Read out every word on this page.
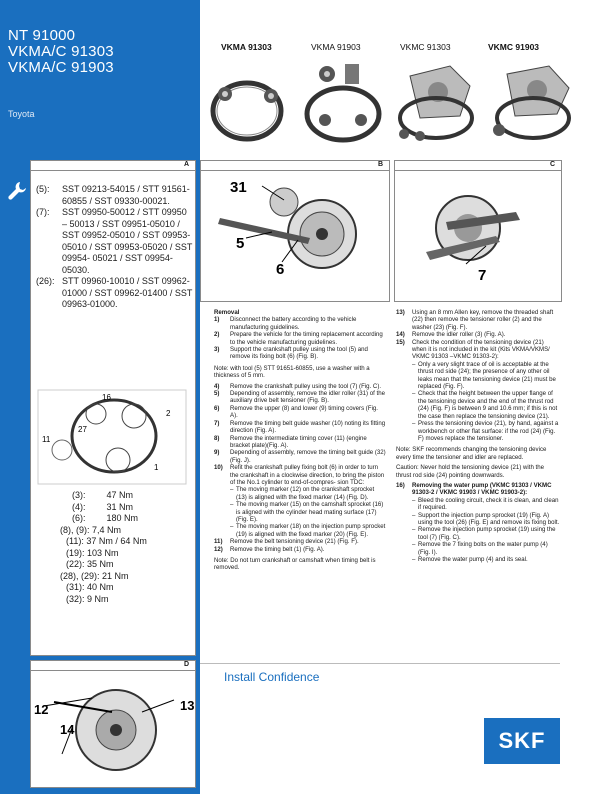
NT 91000
VKMA/C 91303
VKMA/C 91903
Toyota
VKMA 91303	VKMA 91903	VKMC 91303	VKMC 91903
A
(5):	SST 09213-54015 / STT 91561-60855 / SST 09330-00021.
(7):	SST 09950-50012 / STT 09950
– 50013 / SST 09951-05010 / SST 09952-05010 / SST 09953-05010 / SST 09953-05020 / SST 09954- 05021 / SST 09954-05030.
(26): STT 09960-10010 / SST 09962-01000 / SST 09962-01400 / SST 09963-01000.
16
2
11
27
1
(3):
	47 Nm
(4):
	31 Nm
(6):
	180 Nm
(8), (9):
7,4 Nm
(11):
37 Nm / 64 Nm
(19):
103 Nm
(22):
35 Nm
(28), (29):
21 Nm
(31):
40 Nm
(32):
9 Nm
B
31
5
6
C
7
D
12
14
13
Removal
1)	Disconnect the battery according to the vehicle manufacturing guidelines.
2)	Prepare the vehicle for the timing replacement according to the vehicle manufacturing guidelines.
3)	Support the crankshaft pulley using the tool (5) and remove its fixing bolt (6) (Fig. B).

Note: with tool (5) STT 91651-60855, use a washer with a thickness of 5 mm.

4)	Remove the crankshaft pulley using the tool (7) (Fig. C).
5)	Depending of assembly, remove the idler roller (31) of the auxiliary drive belt tensioner (Fig. B).
6)	Remove the upper (8) and lower (9) timing covers (Fig. A).
7)	Remove the timing belt guide washer (10) noting its fitting direction (Fig. A).
8)	Remove the intermediate timing cover (11) (engine bracket plate)(Fig. A).
9)	Depending of assembly, remove the timing belt guide (32) (Fig. J).
10)	Refit the crankshaft pulley fixing bolt (6) in order to turn the crankshaft in a clockwise direction, to bring the piston of the No.1 cylinder to end-of-compres- sion TDC:
– The moving marker (12) on the crankshaft sprocket (13) is aligned with the fixed marker (14) (Fig. D).
– The moving marker (15) on the camshaft sprocket (16) is aligned with the cylinder head mating surface (17) (Fig. E).
– The moving marker (18) on the injection pump sprocket (19) is aligned with the fixed marker (20) (Fig. E).
11)	Remove the belt tensioning device (21) (Fig. F).
12)	Remove the timing belt (1) (Fig. A).

Note: Do not turn crankshaft or camshaft when timing belt is removed.

13)	Using an 8 mm Allen key, remove the threaded shaft (22) then remove the tensioner roller (2) and the washer (23) (Fig. F).
14)	Remove the idler roller (3) (Fig. A).
15)	Check the condition of the tensioning device (21) when it is not included in the kit (Kits VKMA/VKMS/ VKMC 91303 –VKMC 91303-2):
– Only a very slight trace of oil is acceptable at the thrust rod side (24); the presence of any other oil leaks mean that the tensioning device (21) must be replaced (Fig. F).
– Check that the height between the upper flange of the tensioning device and the end of the thrust rod (24) (Fig. F) is between 9 and 10.6 mm; if this is not the case then replace the tensioning device (21).
– Press the tensioning device (21), by hand, against a workbench or other flat surface: if the rod (24) (Fig. F) moves replace the tensioner.

Note: SKF recommends changing the tensioning device every time the tensioner and idler are replaced.

Caution: Never hold the tensioning device (21) with the thrust rod side (24) pointing downwards.

16)	Removing the water pump (VKMC 91303 / VKMC 91303-2 / VKMC 91903 / VKMC 91903-2):
– Bleed the cooling circuit, check it is clean, and clean if required.
– Support the injection pump sprocket (19) (Fig. A) using the tool (26) (Fig. E) and remove its fixing bolt.
– Remove the injection pump sprocket (19) using the tool (7) (Fig. C).
– Remove the 7 fixing bolts on the water pump (4) (Fig. I).
– Remove the water pump (4) and its seal.
Install Confidence
SKF
